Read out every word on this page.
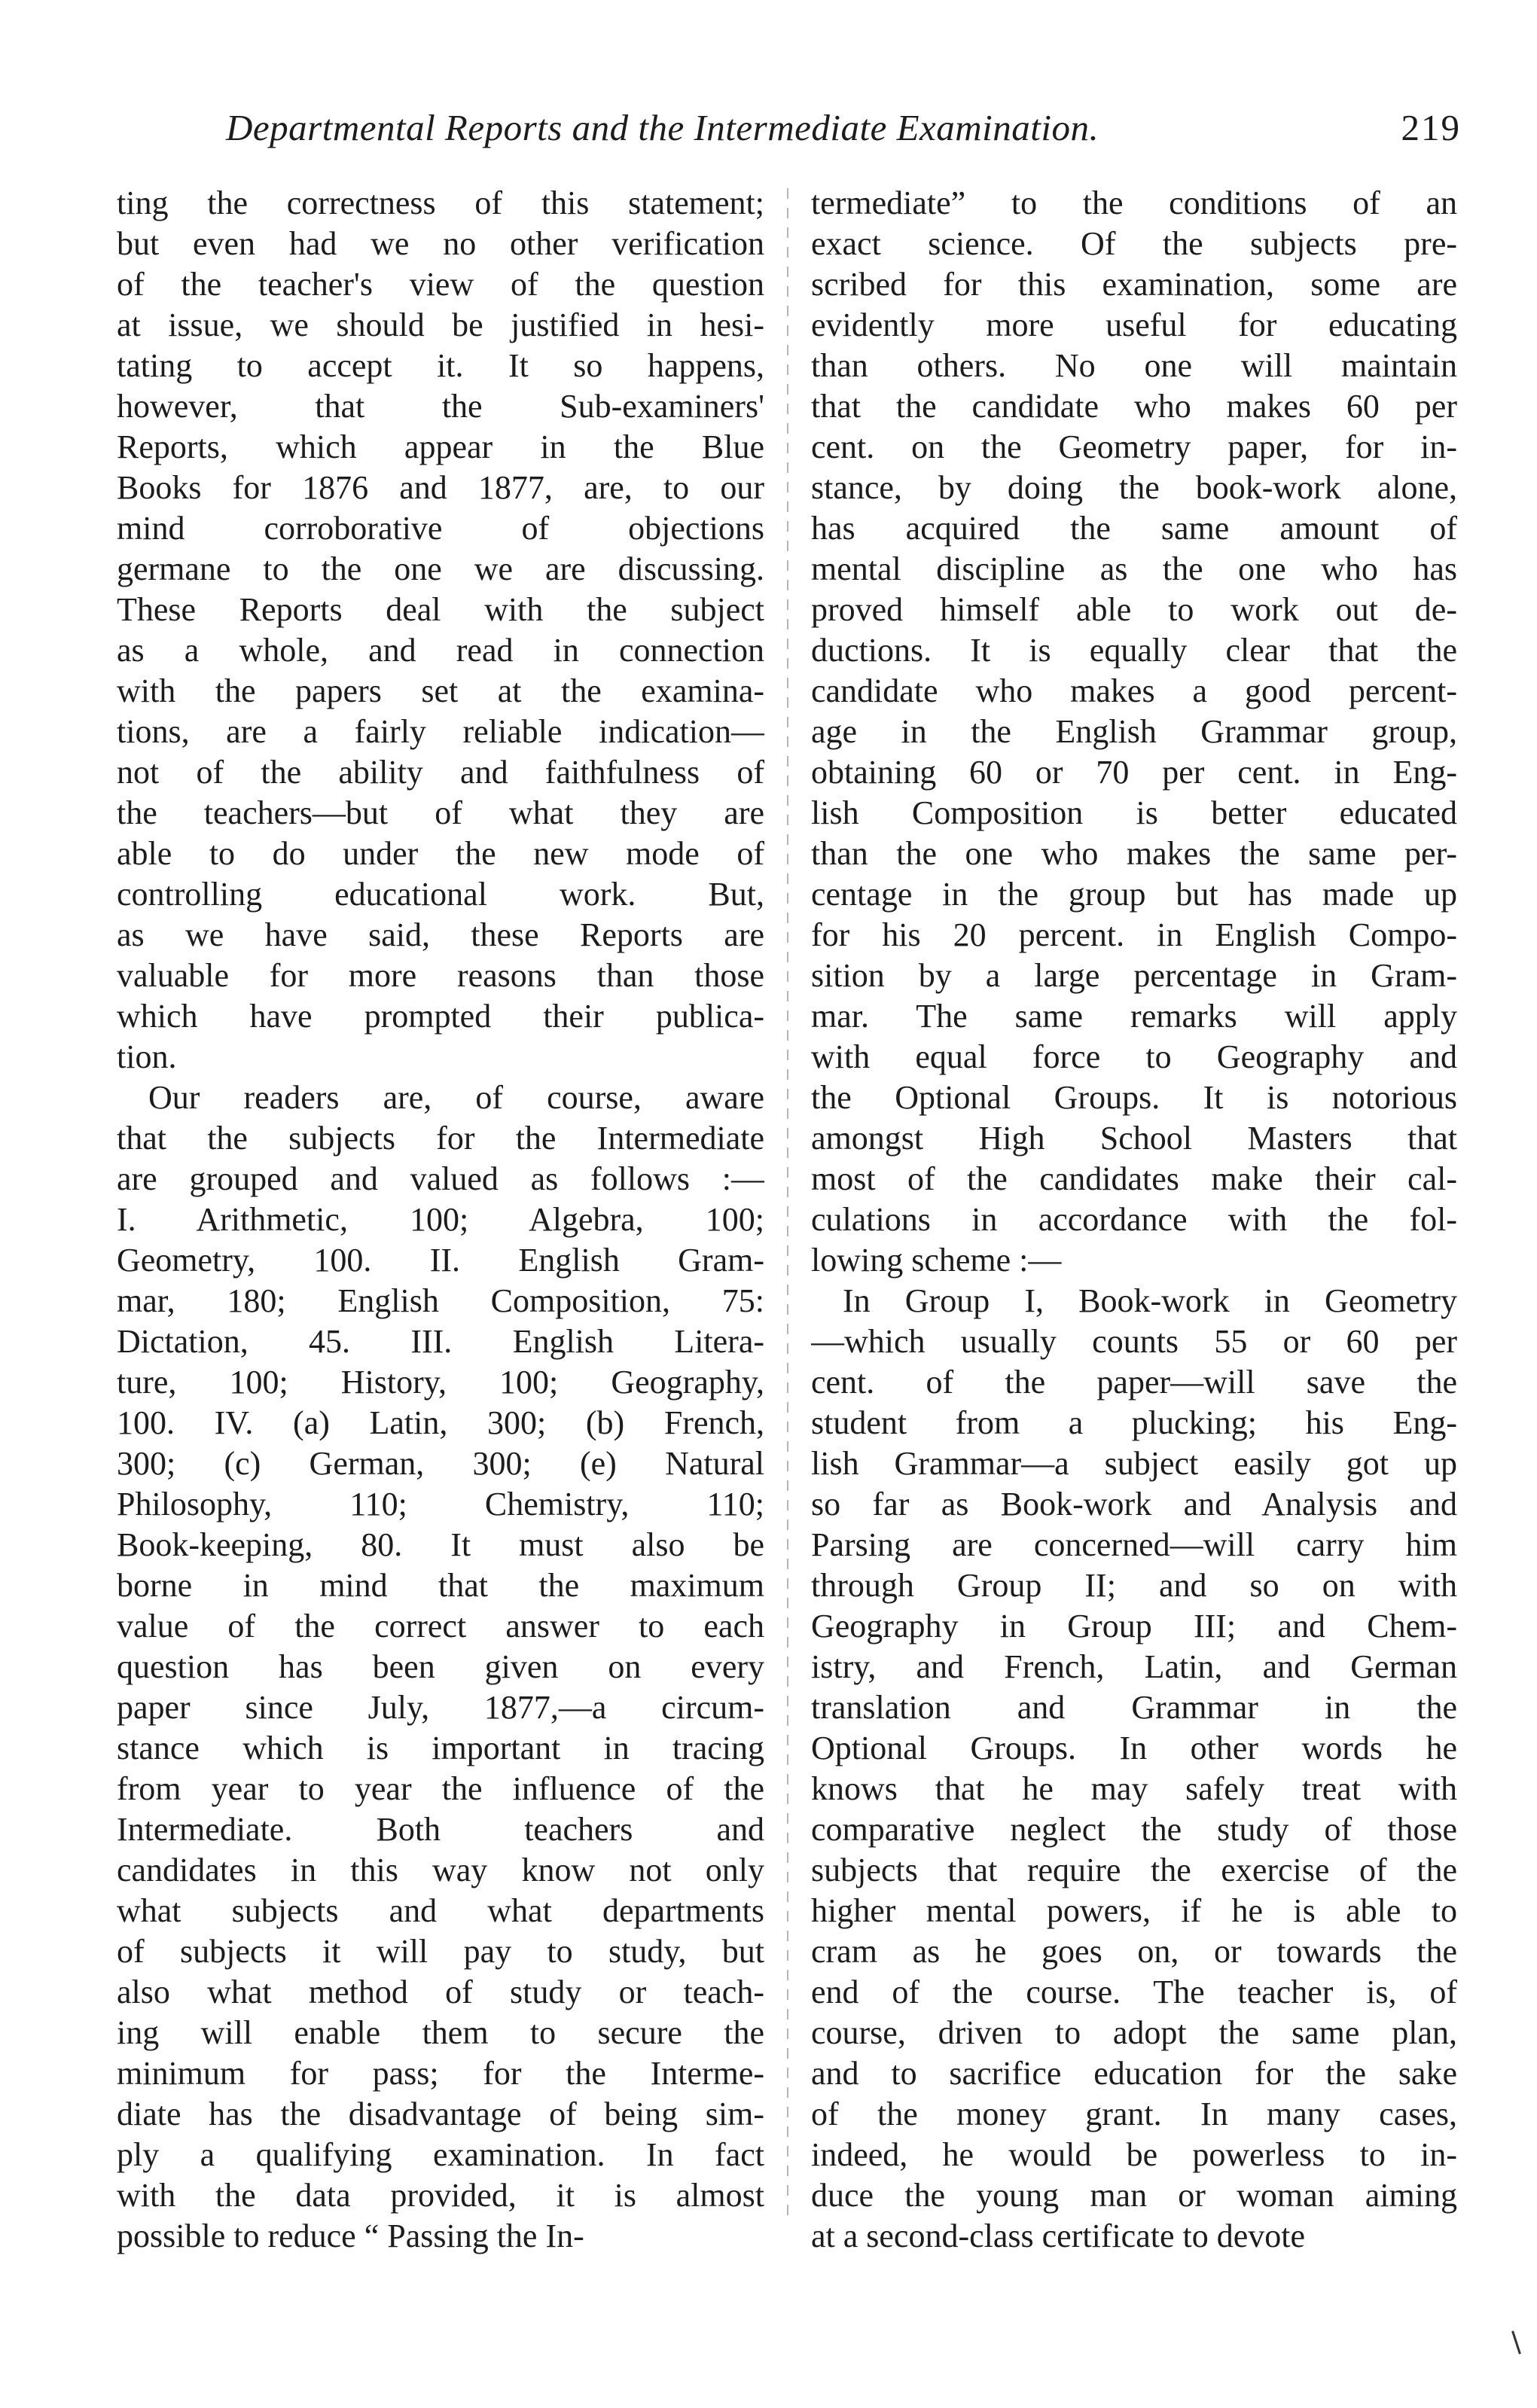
Departmental Reports and the Intermediate Examination.	219
ting the correctness of this statement;
but even had we no other verification
of the teacher's view of the question
at issue, we should be justified in hesi-
tating to accept it. It so happens,
however, that the Sub-examiners'
Reports, which appear in the Blue
Books for 1876 and 1877, are, to our
mind corroborative of objections
germane to the one we are discussing.
These Reports deal with the subject
as a whole, and read in connection
with the papers set at the examina-
tions, are a fairly reliable indication—
not of the ability and faithfulness of
the teachers—but of what they are
able to do under the new mode of
controlling educational work. But,
as we have said, these Reports are
valuable for more reasons than those
which have prompted their publica-
tion.
Our readers are, of course, aware
that the subjects for the Intermediate
are grouped and valued as follows :—
I. Arithmetic, 100; Algebra, 100;
Geometry, 100. II. English Gram-
mar, 180; English Composition, 75:
Dictation, 45. III. English Litera-
ture, 100; History, 100; Geography,
100. IV. (a) Latin, 300; (b) French,
300; (c) German, 300; (e) Natural
Philosophy, 110; Chemistry, 110;
Book-keeping, 80. It must also be
borne in mind that the maximum
value of the correct answer to each
question has been given on every
paper since July, 1877,—a circum-
stance which is important in tracing
from year to year the influence of the
Intermediate. Both teachers and
candidates in this way know not only
what subjects and what departments
of subjects it will pay to study, but
also what method of study or teach-
ing will enable them to secure the
minimum for pass; for the Interme-
diate has the disadvantage of being sim-
ply a qualifying examination. In fact
with the data provided, it is almost
possible to reduce “ Passing the In-
termediate” to the conditions of an
exact science. Of the subjects pre-
scribed for this examination, some are
evidently more useful for educating
than others. No one will maintain
that the candidate who makes 60 per
cent. on the Geometry paper, for in-
stance, by doing the book-work alone,
has acquired the same amount of
mental discipline as the one who has
proved himself able to work out de-
ductions. It is equally clear that the
candidate who makes a good percent-
age in the English Grammar group,
obtaining 60 or 70 per cent. in Eng-
lish Composition is better educated
than the one who makes the same per-
centage in the group but has made up
for his 20 percent. in English Compo-
sition by a large percentage in Gram-
mar. The same remarks will apply
with equal force to Geography and
the Optional Groups. It is notorious
amongst High School Masters that
most of the candidates make their cal-
culations in accordance with the fol-
lowing scheme :—
In Group I, Book-work in Geometry
—which usually counts 55 or 60 per
cent. of the paper—will save the
student from a plucking; his Eng-
lish Grammar—a subject easily got up
so far as Book-work and Analysis and
Parsing are concerned—will carry him
through Group II; and so on with
Geography in Group III; and Chem-
istry, and French, Latin, and German
translation and Grammar in the
Optional Groups. In other words he
knows that he may safely treat with
comparative neglect the study of those
subjects that require the exercise of the
higher mental powers, if he is able to
cram as he goes on, or towards the
end of the course. The teacher is, of
course, driven to adopt the same plan,
and to sacrifice education for the sake
of the money grant. In many cases,
indeed, he would be powerless to in-
duce the young man or woman aiming
at a second-class certificate to devote
